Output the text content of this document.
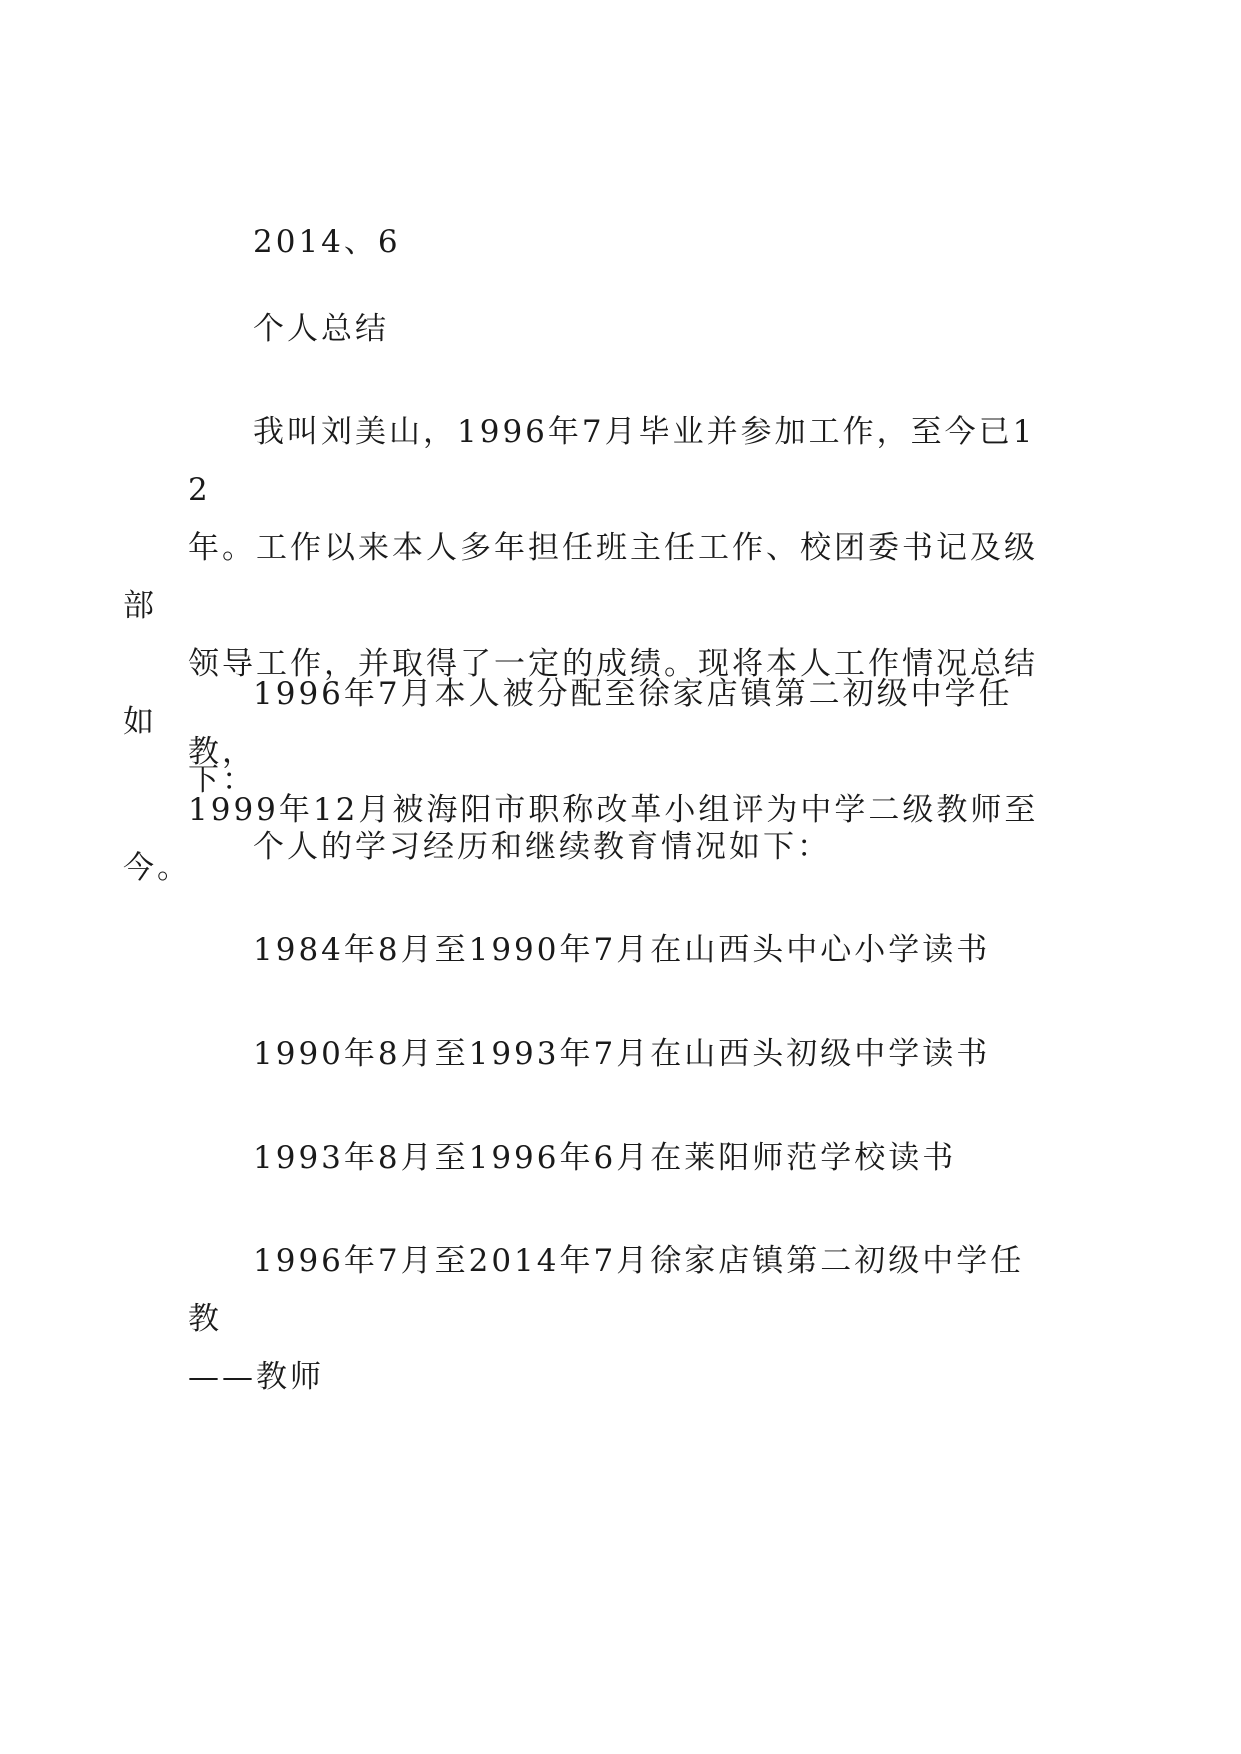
2014、6

个人总结

我叫刘美山，1996年7月毕业并参加工作，至今已12
年。工作以来本人多年担任班主任工作、校团委书记及级部
领导工作，并取得了一定的成绩。现将本人工作情况总结如
下：

1996年7月本人被分配至徐家店镇第二初级中学任教，
1999年12月被海阳市职称改革小组评为中学二级教师至今。

个人的学习经历和继续教育情况如下：

1984年8月至1990年7月在山西头中心小学读书

1990年8月至1993年7月在山西头初级中学读书

1993年8月至1996年6月在莱阳师范学校读书

1996年7月至2014年7月徐家店镇第二初级中学任教
——教师
